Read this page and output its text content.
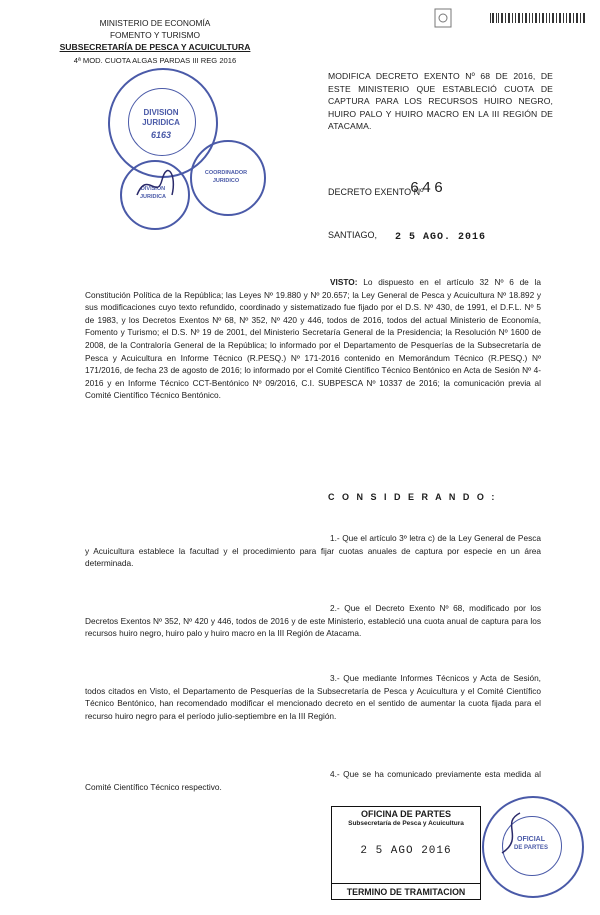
MINISTERIO DE ECONOMÍA
FOMENTO Y TURISMO
SUBSECRETARÍA DE PESCA Y ACUICULTURA
4ª MOD. CUOTA ALGAS PARDAS III REG 2016
MODIFICA DECRETO EXENTO Nº 68 DE 2016, DE ESTE MINISTERIO QUE ESTABLECIÓ CUOTA DE CAPTURA PARA LOS RECURSOS HUIRO NEGRO, HUIRO PALO Y HUIRO MACRO EN LA III REGIÓN DE ATACAMA.
DECRETO EXENTO Nº
646
SANTIAGO, 2 5 AGO. 2016
DIVISION
JURIDICA
6163
COORDINADOR
JURIDICO
DIVISION
JURIDICA
VISTO: Lo dispuesto en el artículo 32 Nº 6 de la Constitución Política de la República; las Leyes Nº 19.880 y Nº 20.657; la Ley General de Pesca y Acuicultura Nº 18.892 y sus modificaciones cuyo texto refundido, coordinado y sistematizado fue fijado por el D.S. Nº 430, de 1991, el D.F.L. Nº 5 de 1983, y los Decretos Exentos Nº 68, Nº 352, Nº 420 y 446, todos de 2016, todos del actual Ministerio de Economía, Fomento y Turismo; el D.S. Nº 19 de 2001, del Ministerio Secretaría General de la Presidencia; la Resolución Nº 1600 de 2008, de la Contraloría General de la República; lo informado por el Departamento de Pesquerías de la Subsecretaría de Pesca y Acuicultura en Informe Técnico (R.PESQ.) Nº 171-2016 contenido en Memorándum Técnico (R.PESQ.) Nº 171/2016, de fecha 23 de agosto de 2016; lo informado por el Comité Científico Técnico Bentónico en Acta de Sesión Nº 4-2016 y en Informe Técnico CCT-Bentónico Nº 09/2016, C.I. SUBPESCA Nº 10337 de 2016; la comunicación previa al Comité Científico Técnico Bentónico.
C O N S I D E R A N D O :
1.- Que el artículo 3º letra c) de la Ley General de Pesca y Acuicultura establece la facultad y el procedimiento para fijar cuotas anuales de captura por especie en un área determinada.
2.- Que el Decreto Exento Nº 68, modificado por los Decretos Exentos Nº 352, Nº 420 y 446, todos de 2016 y de este Ministerio, estableció una cuota anual de captura para los recursos huiro negro, huiro palo y huiro macro en la III Región de Atacama.
3.- Que mediante Informes Técnicos y Acta de Sesión, todos citados en Visto, el Departamento de Pesquerías de la Subsecretaría de Pesca y Acuicultura y el Comité Científico Técnico Bentónico, han recomendado modificar el mencionado decreto en el sentido de aumentar la cuota fijada para el recurso huiro negro para el período julio-septiembre en la III Región.
4.- Que se ha comunicado previamente esta medida al Comité Científico Técnico respectivo.
OFICINA DE PARTES
Subsecretaría de Pesca y Acuicultura
2 5 AGO 2016
TERMINO DE TRAMITACION
OFICIAL
DE PARTES
